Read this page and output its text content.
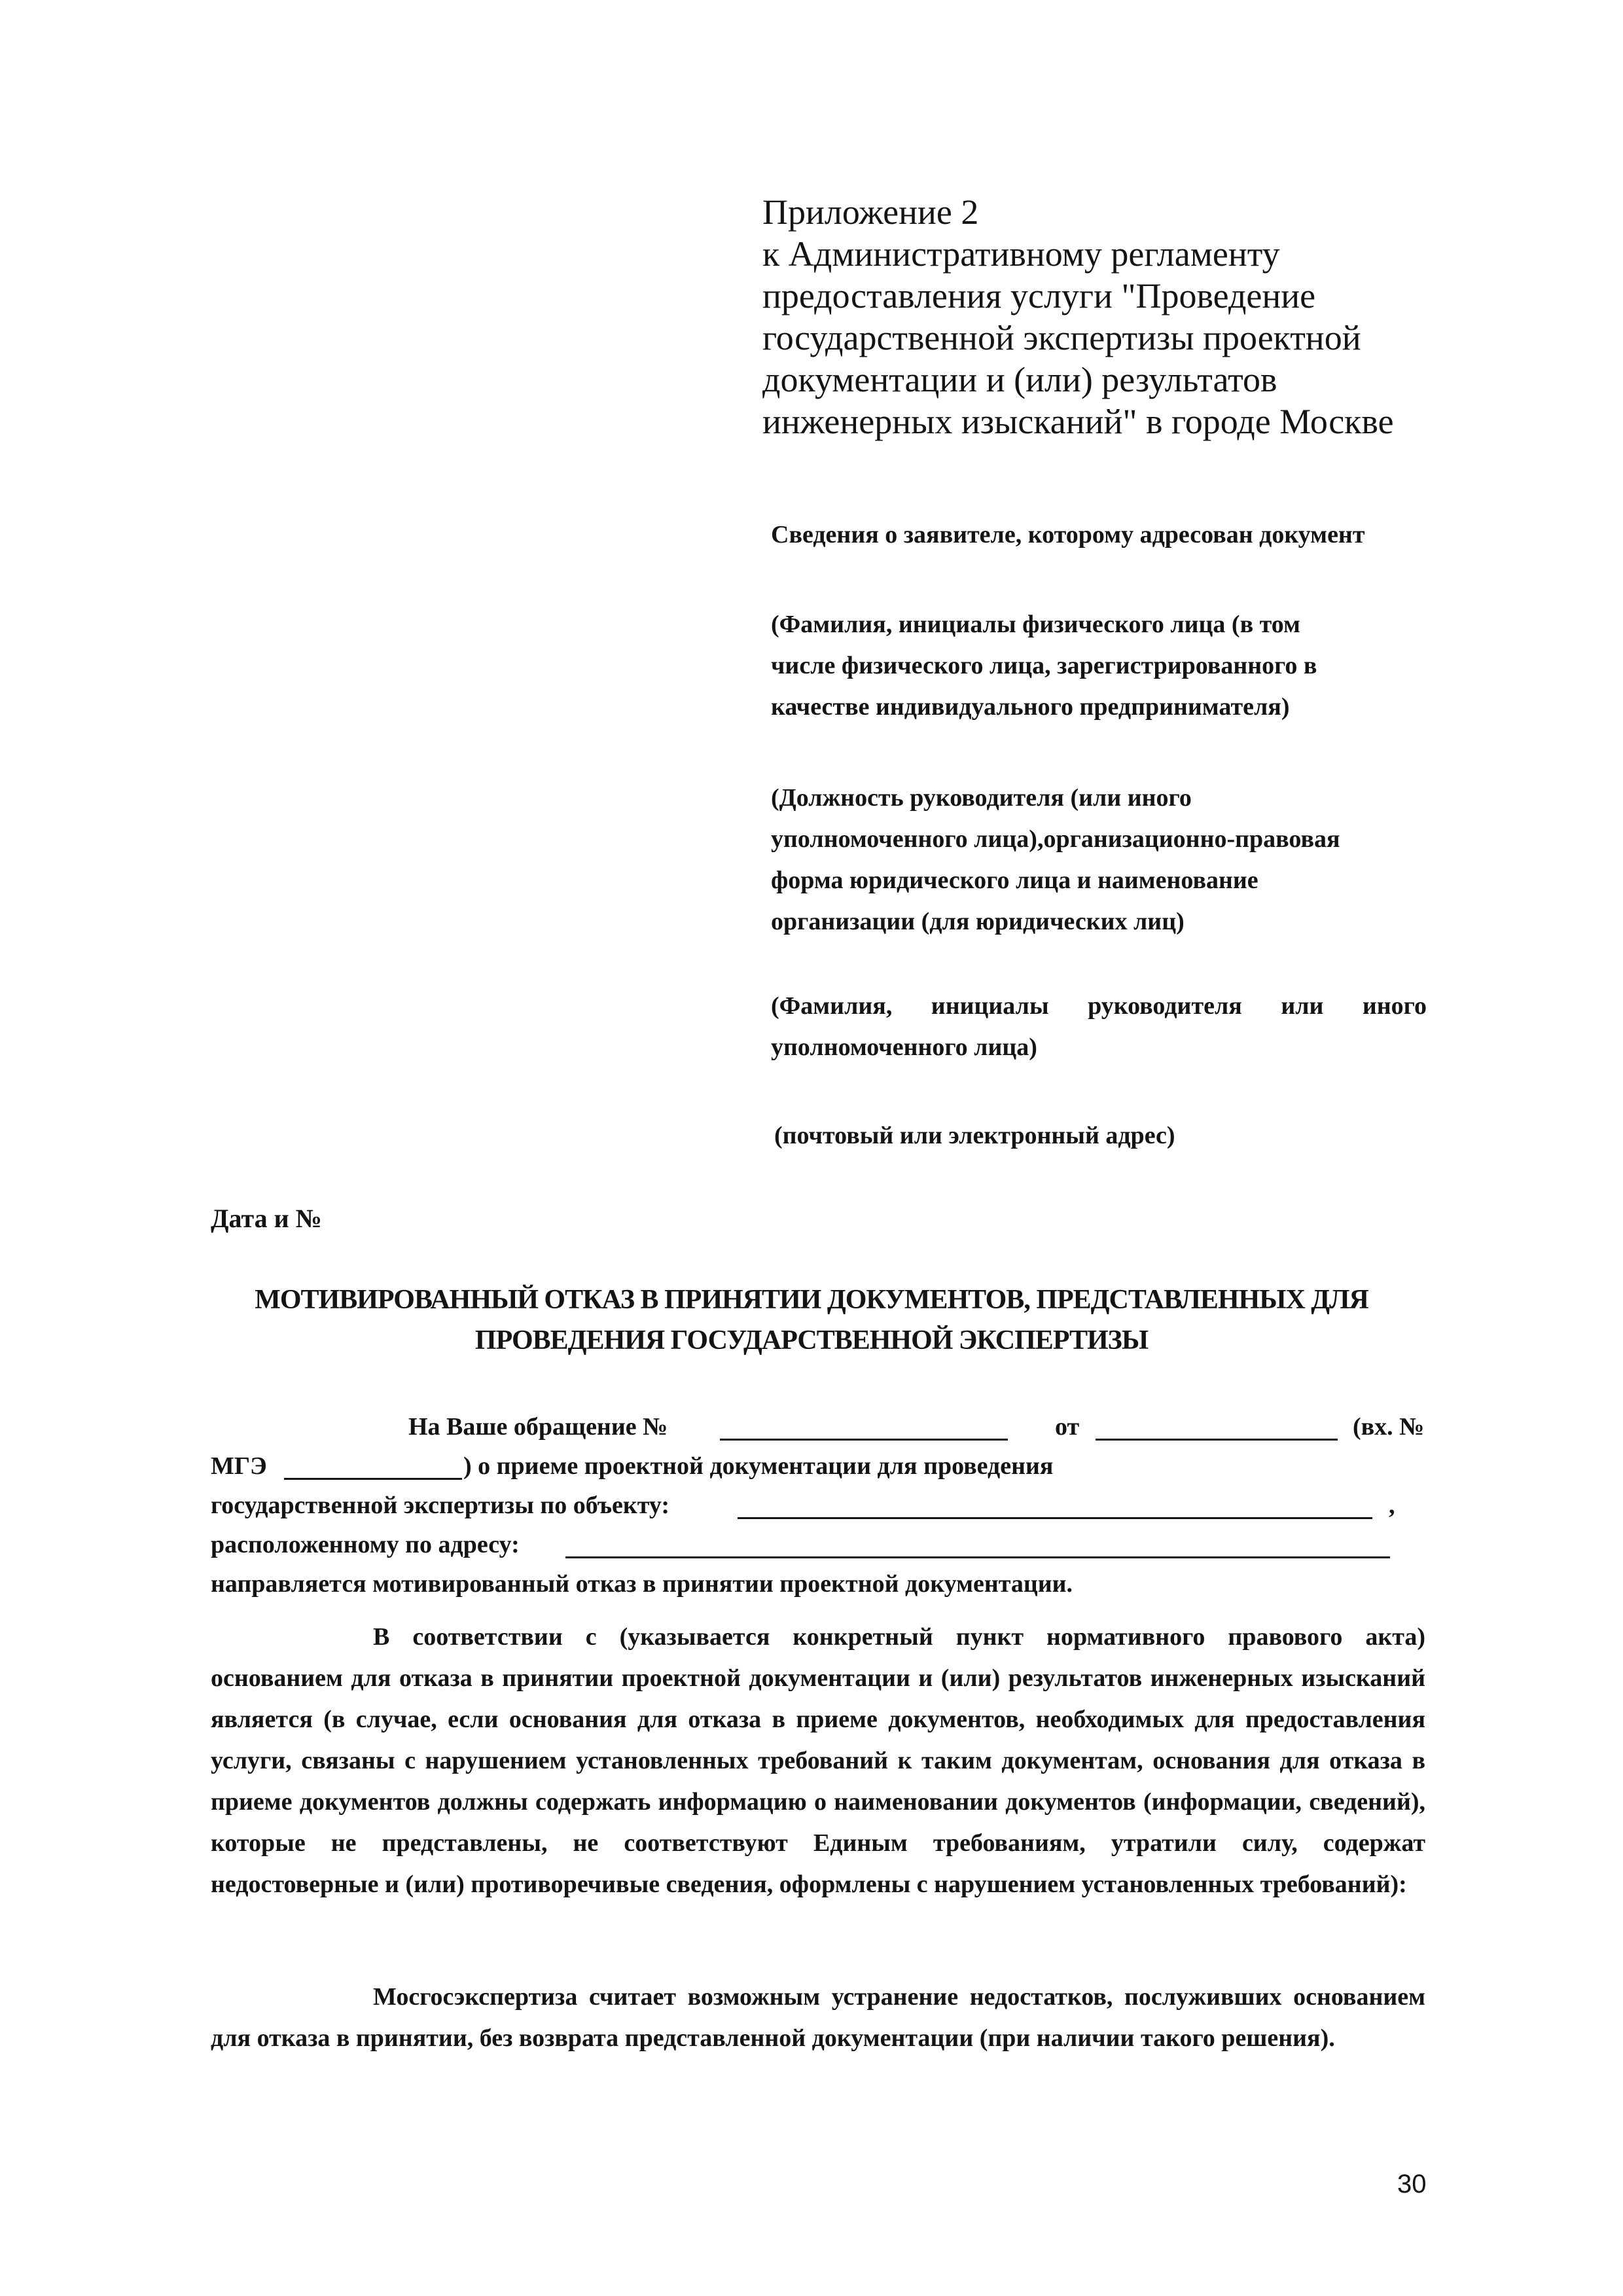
Приложение 2
к Административному регламенту
предоставления услуги "Проведение
государственной экспертизы проектной
документации и (или) результатов
инженерных изысканий" в городе Москве
Сведения о заявителе, которому адресован документ
(Фамилия, инициалы физического лица (в том
числе физического лица, зарегистрированного в
качестве индивидуального предпринимателя)
(Должность руководителя (или иного
уполномоченного лица),организационно-правовая
форма юридического лица и наименование
организации (для юридических лиц)
(Фамилия, инициалы руководителя или иного
уполномоченного лица)
(почтовый или электронный адрес)
Дата и №
МОТИВИРОВАННЫЙ ОТКАЗ В ПРИНЯТИИ ДОКУМЕНТОВ, ПРЕДСТАВЛЕННЫХ ДЛЯ
ПРОВЕДЕНИЯ ГОСУДАРСТВЕННОЙ ЭКСПЕРТИЗЫ
На Ваше обращение №	от	(вх. №
МГЭ	) о приеме проектной документации для проведения
государственной экспертизы по объекту:	,
расположенному по адресу:
направляется мотивированный отказ в принятии проектной документации.
В соответствии с (указывается конкретный пункт нормативного правового акта) основанием для отказа в принятии проектной документации и (или) результатов инженерных изысканий является (в случае, если основания для отказа в приеме документов, необходимых для предоставления услуги, связаны с нарушением установленных требований к таким документам, основания для отказа в приеме документов должны содержать информацию о наименовании документов (информации, сведений), которые не представлены, не соответствуют Единым требованиям, утратили силу, содержат недостоверные и (или) противоречивые сведения, оформлены с нарушением установленных требований):
Мосгосэкспертиза считает возможным устранение недостатков, послуживших основанием для отказа в принятии, без возврата представленной документации (при наличии такого решения).
30
